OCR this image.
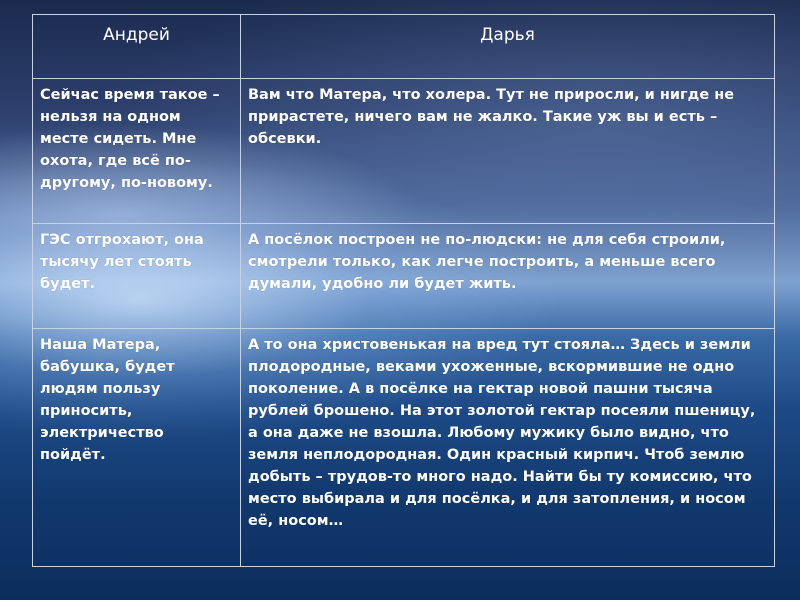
Андрей	Дарья

Сейчас время такое – нельзя на одном месте сидеть. Мне охота, где всё по-другому, по-новому.	Вам что Матера, что холера. Тут не приросли, и нигде не прирастете, ничего вам не жалко. Такие уж вы и есть – обсевки.

ГЭС отгрохают, она тысячу лет стоять будет.	А посёлок построен не по-людски: не для себя строили, смотрели только, как легче построить, а меньше всего думали, удобно ли будет жить.

Наша Матера, бабушка, будет людям пользу приносить, электричество пойдёт.	А то она христовенькая на вред тут стояла… Здесь и земли плодородные, веками ухоженные, вскормившие не одно поколение. А в посёлке на гектар новой пашни тысяча рублей брошено. На этот золотой гектар посеяли пшеницу, а она даже не взошла. Любому мужику было видно, что земля неплодородная. Один красный кирпич. Чтоб землю добыть – трудов-то много надо. Найти бы ту комиссию, что место выбирала и для посёлка, и для затопления, и носом её, носом…
